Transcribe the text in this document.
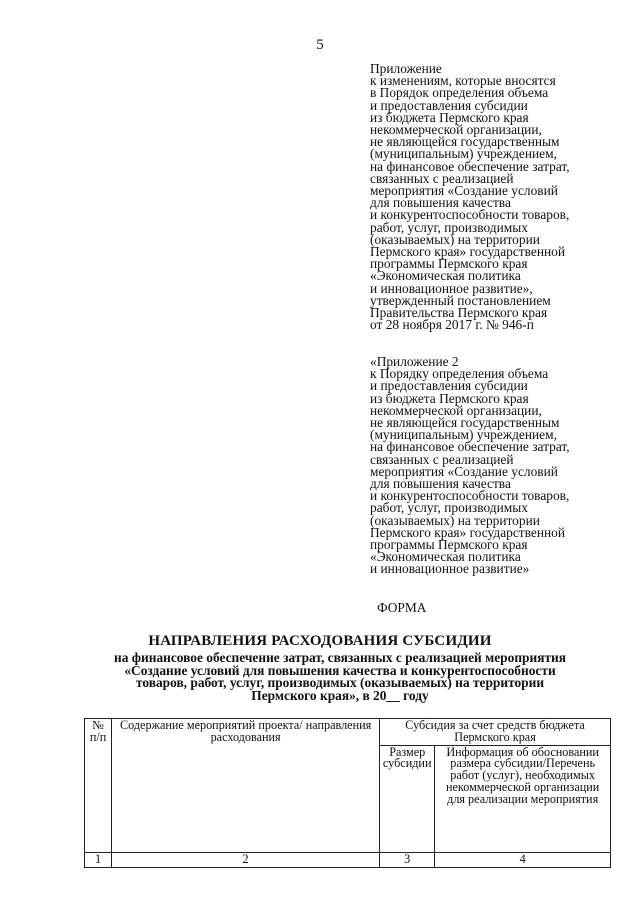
5
Приложение
к изменениям, которые вносятся
в Порядок определения объема
и предоставления субсидии
из бюджета Пермского края
некоммерческой организации,
не являющейся государственным
(муниципальным) учреждением,
на финансовое обеспечение затрат,
связанных с реализацией
мероприятия «Создание условий
для повышения качества
и конкурентоспособности товаров,
работ, услуг, производимых
(оказываемых) на территории
Пермского края» государственной
программы Пермского края
«Экономическая политика
и инновационное развитие»,
утвержденный постановлением
Правительства Пермского края
от 28 ноября 2017 г. № 946-п
«Приложение 2
к Порядку определения объема
и предоставления субсидии
из бюджета Пермского края
некоммерческой организации,
не являющейся государственным
(муниципальным) учреждением,
на финансовое обеспечение затрат,
связанных с реализацией
мероприятия «Создание условий
для повышения качества
и конкурентоспособности товаров,
работ, услуг, производимых
(оказываемых) на территории
Пермского края» государственной
программы Пермского края
«Экономическая политика
и инновационное развитие»
ФОРМА
НАПРАВЛЕНИЯ РАСХОДОВАНИЯ СУБСИДИИ
на финансовое обеспечение затрат, связанных с реализацией мероприятия
«Создание условий для повышения качества и конкурентоспособности
товаров, работ, услуг, производимых (оказываемых) на территории
Пермского края», в 20__ году
№ п/п	Содержание мероприятий проекта/ направления расходования	Субсидия за счет средств бюджета Пермского края	
		Размер субсидии	Информация об обосновании размера субсидии/Перечень работ (услуг), необходимых некоммерческой организации для реализации мероприятия
1	2	3	4
